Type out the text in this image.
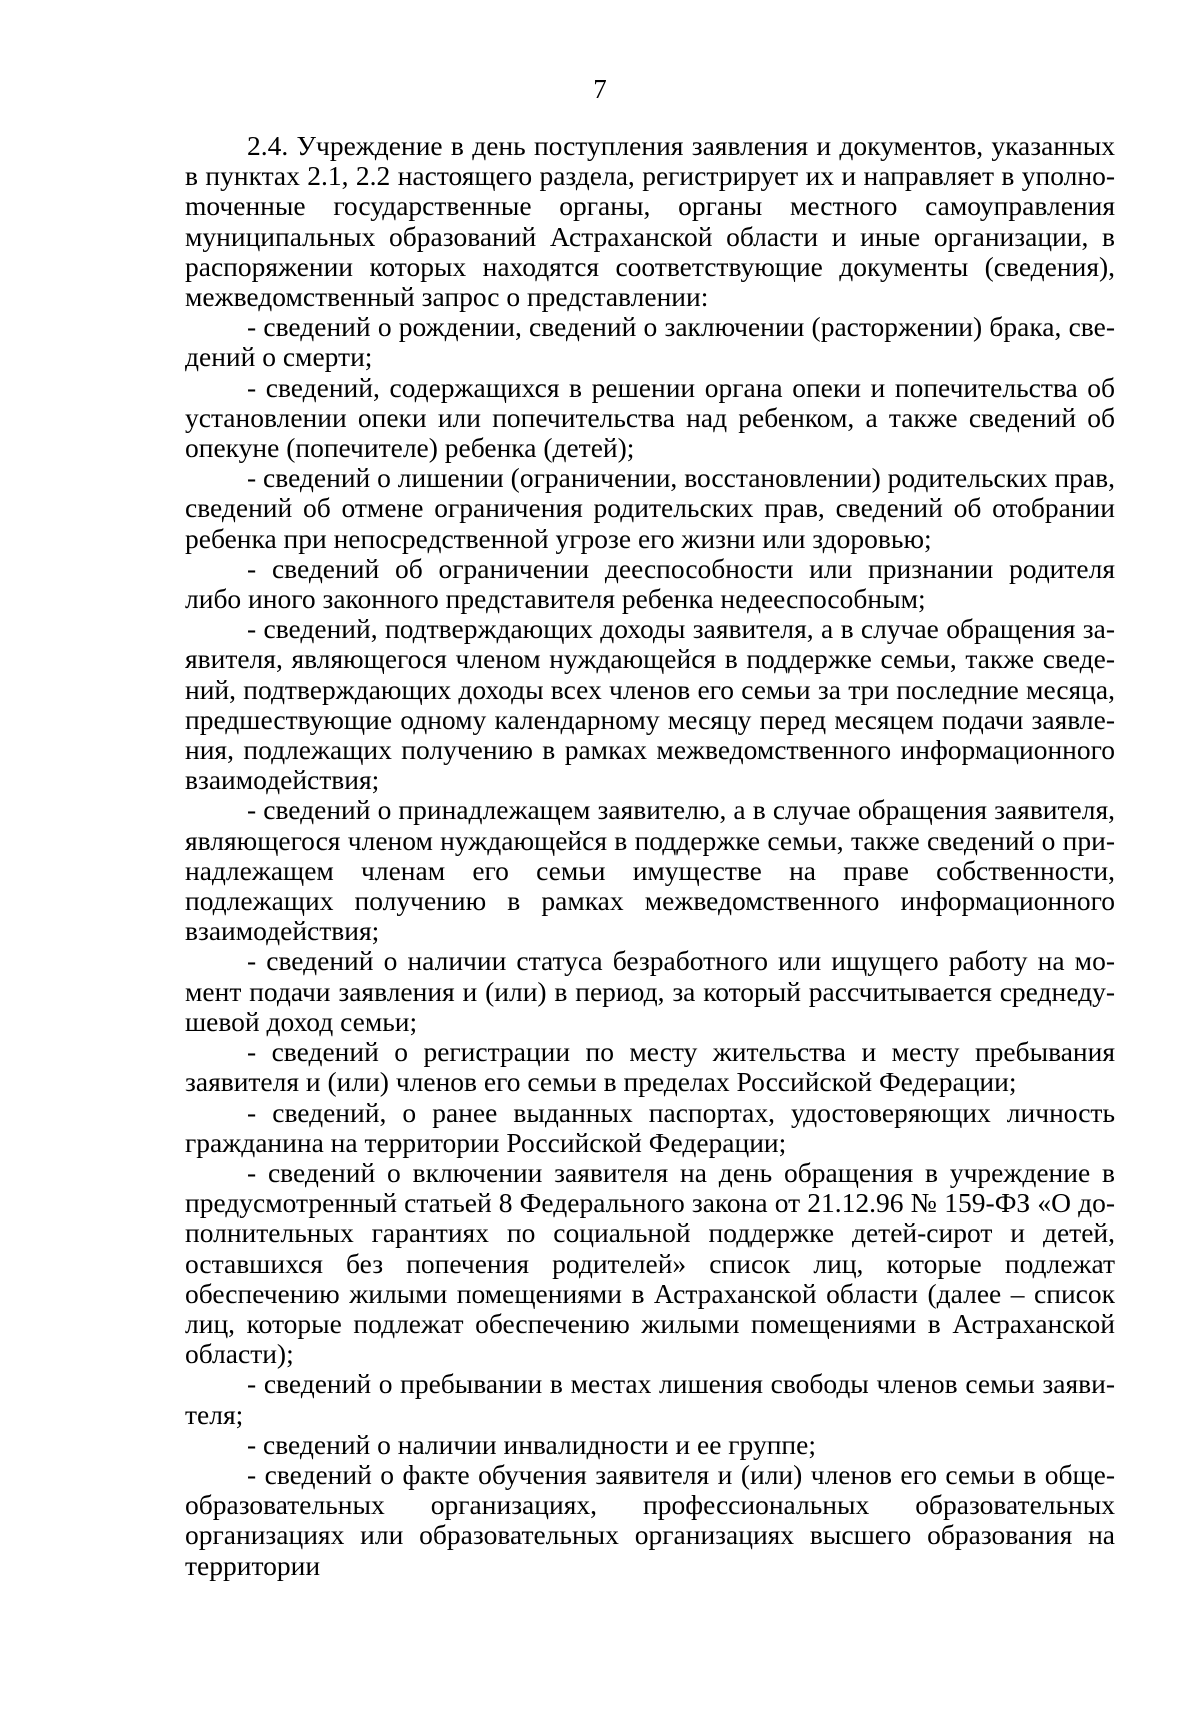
7

2.4. Учреждение в день поступления заявления и документов, указанных в пунктах 2.1, 2.2 настоящего раздела, регистрирует их и направляет в уполноmоченные государственные органы, органы местного самоуправления муниципальных образований Астраханской области и иные организации, в распоряжении которых находятся соответствующие документы (сведения), межведомственный запрос о представлении:

- сведений о рождении, сведений о заключении (расторжении) брака, сведений о смерти;

- сведений, содержащихся в решении органа опеки и попечительства об установлении опеки или попечительства над ребенком, а также сведений об опекуне (попечителе) ребенка (детей);

- сведений о лишении (ограничении, восстановлении) родительских прав, сведений об отмене ограничения родительских прав, сведений об отобрании ребенка при непосредственной угрозе его жизни или здоровью;

- сведений об ограничении дееспособности или признании родителя либо иного законного представителя ребенка недееспособным;

- сведений, подтверждающих доходы заявителя, а в случае обращения заявителя, являющегося членом нуждающейся в поддержке семьи, также сведений, подтверждающих доходы всех членов его семьи за три последние месяца, предшествующие одному календарному месяцу перед месяцем подачи заявления, подлежащих получению в рамках межведомственного информационного взаимодействия;

- сведений о принадлежащем заявителю, а в случае обращения заявителя, являющегося членом нуждающейся в поддержке семьи, также сведений о принадлежащем членам его семьи имуществе на праве собственности, подлежащих получению в рамках межведомственного информационного взаимодействия;

- сведений о наличии статуса безработного или ищущего работу на момент подачи заявления и (или) в период, за который рассчитывается среднедушевой доход семьи;

- сведений о регистрации по месту жительства и месту пребывания заявителя и (или) членов его семьи в пределах Российской Федерации;

- сведений, о ранее выданных паспортах, удостоверяющих личность гражданина на территории Российской Федерации;

- сведений о включении заявителя на день обращения в учреждение в предусмотренный статьей 8 Федерального закона от 21.12.96 № 159-ФЗ «О дополнительных гарантиях по социальной поддержке детей-сирот и детей, оставшихся без попечения родителей» список лиц, которые подлежат обеспечению жилыми помещениями в Астраханской области (далее – список лиц, которые подлежат обеспечению жилыми помещениями в Астраханской области);

- сведений о пребывании в местах лишения свободы членов семьи заявителя;

- сведений о наличии инвалидности и ее группе;

- сведений о факте обучения заявителя и (или) членов его семьи в общеобразовательных организациях, профессиональных образовательных организациях или образовательных организациях высшего образования на территории
